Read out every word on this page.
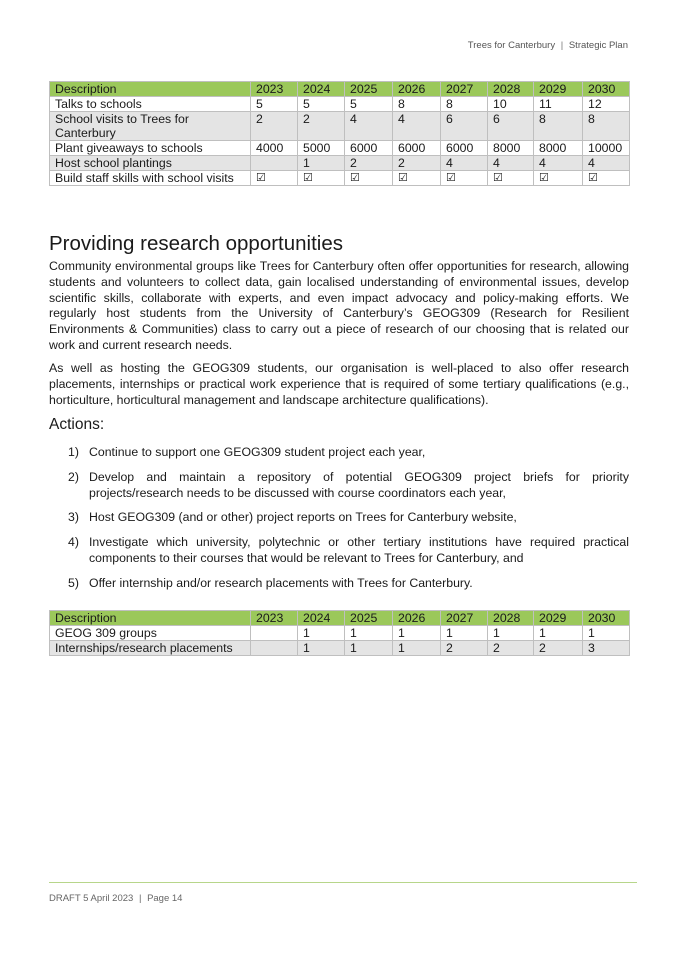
Trees for Canterbury | Strategic Plan
Description	2023	2024	2025	2026	2027	2028	2029	2030
Talks to schools	5	5	5	8	8	10	11	12
School visits to Trees for Canterbury	2	2	4	4	6	6	8	8
Plant giveaways to schools	4000	5000	6000	6000	6000	8000	8000	10000
Host school plantings		1	2	2	4	4	4	4
Build staff skills with school visits	☑	☑	☑	☑	☑	☑	☑	☑
Providing research opportunities

Community environmental groups like Trees for Canterbury often offer opportunities for research, allowing students and volunteers to collect data, gain localised understanding of environmental issues, develop scientific skills, collaborate with experts, and even impact advocacy and policy-making efforts. We regularly host students from the University of Canterbury’s GEOG309 (Research for Resilient Environments & Communities) class to carry out a piece of research of our choosing that is related our work and current research needs.

As well as hosting the GEOG309 students, our organisation is well-placed to also offer research placements, internships or practical work experience that is required of some tertiary qualifications (e.g., horticulture, horticultural management and landscape architecture qualifications).

Actions:
1) Continue to support one GEOG309 student project each year,
2) Develop and maintain a repository of potential GEOG309 project briefs for priority projects/research needs to be discussed with course coordinators each year,
3) Host GEOG309 (and or other) project reports on Trees for Canterbury website,
4) Investigate which university, polytechnic or other tertiary institutions have required practical components to their courses that would be relevant to Trees for Canterbury, and
5) Offer internship and/or research placements with Trees for Canterbury.
Description	2023	2024	2025	2026	2027	2028	2029	2030
GEOG 309 groups		1	1	1	1	1	1	1
Internships/research placements		1	1	1	2	2	2	3
DRAFT 5 April 2023 | Page 14
